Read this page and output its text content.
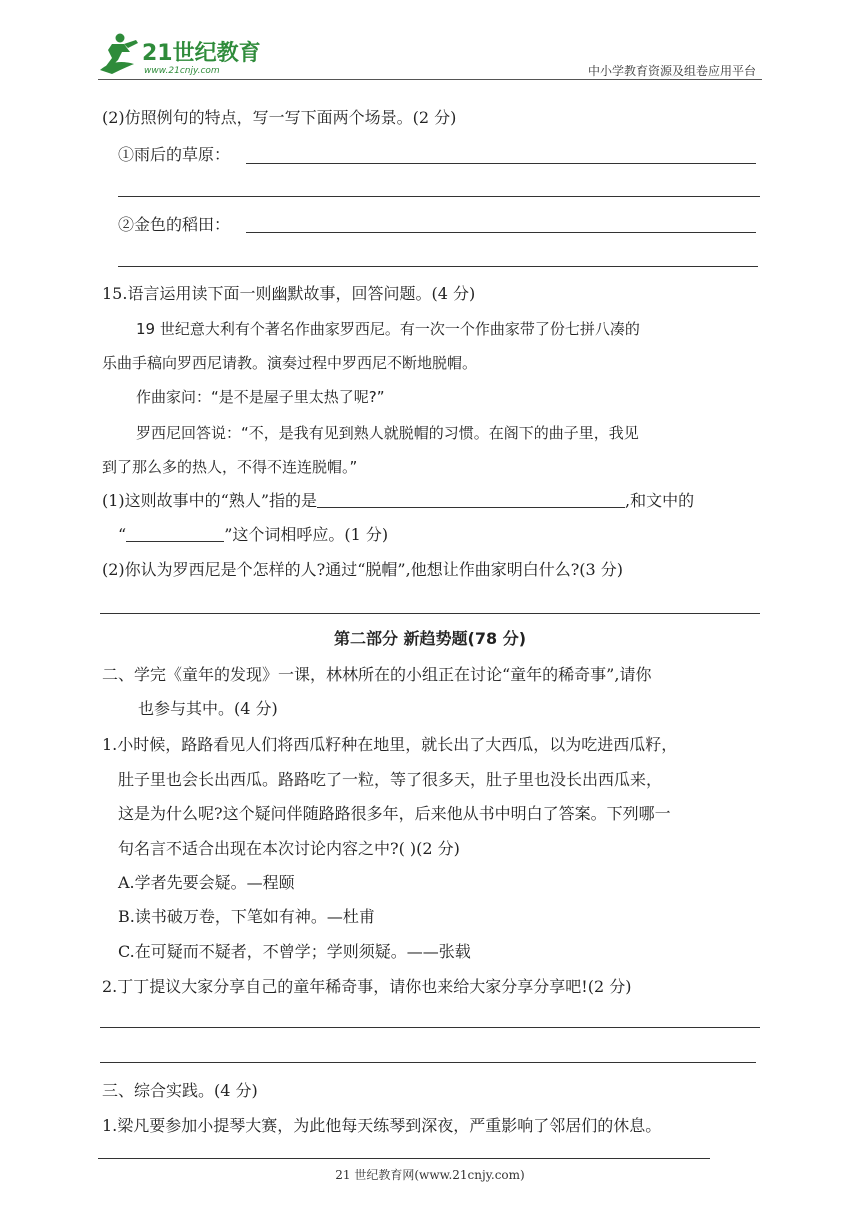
21世纪教育
www.21cnjy.com	中小学教育资源及组卷应用平台
(2)仿照例句的特点，写一写下面两个场景。(2 分)
①雨后的草原：
②金色的稻田：
15.语言运用读下面一则幽默故事，回答问题。(4 分)
19 世纪意大利有个著名作曲家罗西尼。有一次一个作曲家带了份七拼八凑的
乐曲手稿向罗西尼请教。演奏过程中罗西尼不断地脱帽。
作曲家问：“是不是屋子里太热了呢?”
罗西尼回答说：“不，是我有见到熟人就脱帽的习惯。在阁下的曲子里，我见
到了那么多的热人，不得不连连脱帽。”
(1)这则故事中的“熟人”指的是	,和文中的
“	”这个词相呼应。(1 分)
(2)你认为罗西尼是个怎样的人?通过“脱帽”,他想让作曲家明白什么?(3 分)
第二部分 新趋势题(78 分)
二、学完《童年的发现》一课，林林所在的小组正在讨论“童年的稀奇事”,请你
也参与其中。(4 分)
1.小时候，路路看见人们将西瓜籽种在地里，就长出了大西瓜，以为吃进西瓜籽，
肚子里也会长出西瓜。路路吃了一粒，等了很多天，肚子里也没长出西瓜来，
这是为什么呢?这个疑问伴随路路很多年，后来他从书中明白了答案。下列哪一
句名言不适合出现在本次讨论内容之中?( )(2 分)
A.学者先要会疑。—程颐
B.读书破万卷，下笔如有神。—杜甫
C.在可疑而不疑者，不曾学；学则须疑。——张载
2.丁丁提议大家分享自己的童年稀奇事，请你也来给大家分享分享吧!(2 分)
三、综合实践。(4 分)
1.梁凡要参加小提琴大赛，为此他每天练琴到深夜，严重影响了邻居们的休息。
21 世纪教育网(www.21cnjy.com)
